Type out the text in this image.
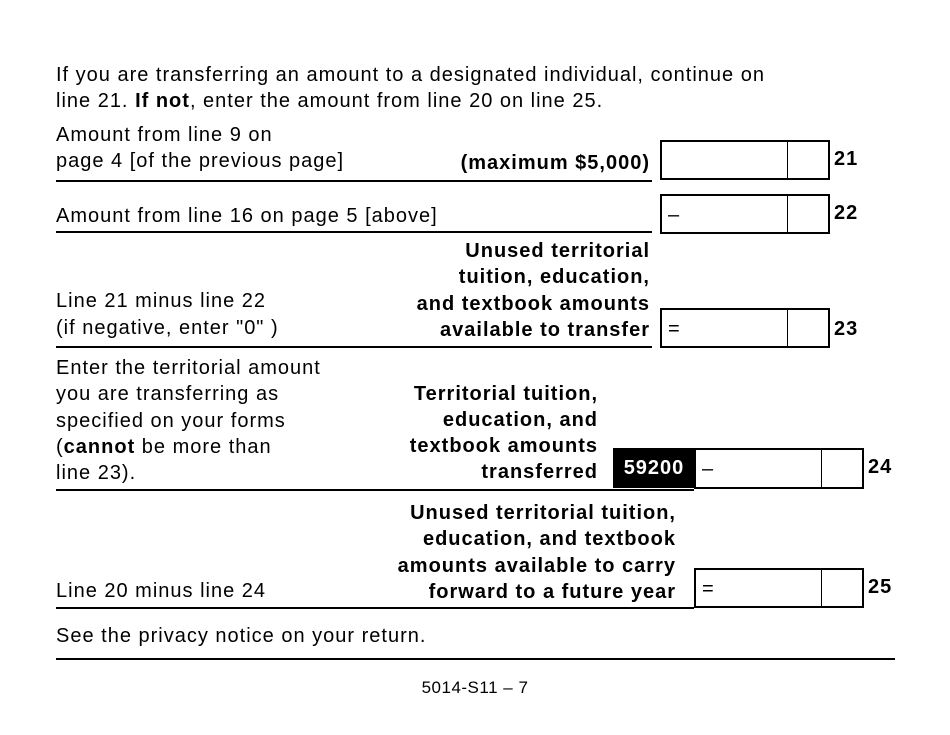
If you are transferring an amount to a designated individual, continue on
line 21. If not, enter the amount from line 20 on line 25.
Amount from line 9 on
page 4 [of the previous page]	(maximum $5,000)	21
Amount from line 16 on page 5 [above]	–	22
Line 21 minus line 22
(if negative, enter "0" )
Unused territorial
tuition, education,
and textbook amounts
available to transfer =	23
Enter the territorial amount
you are transferring as
specified on your forms
(cannot be more than
line 23).
Territorial tuition,
education, and
textbook amounts
transferred	59200 –	24
Line 20 minus line 24
Unused territorial tuition,
education, and textbook
amounts available to carry
forward to a future year =	25
See the privacy notice on your return.
5014-S11 – 7
